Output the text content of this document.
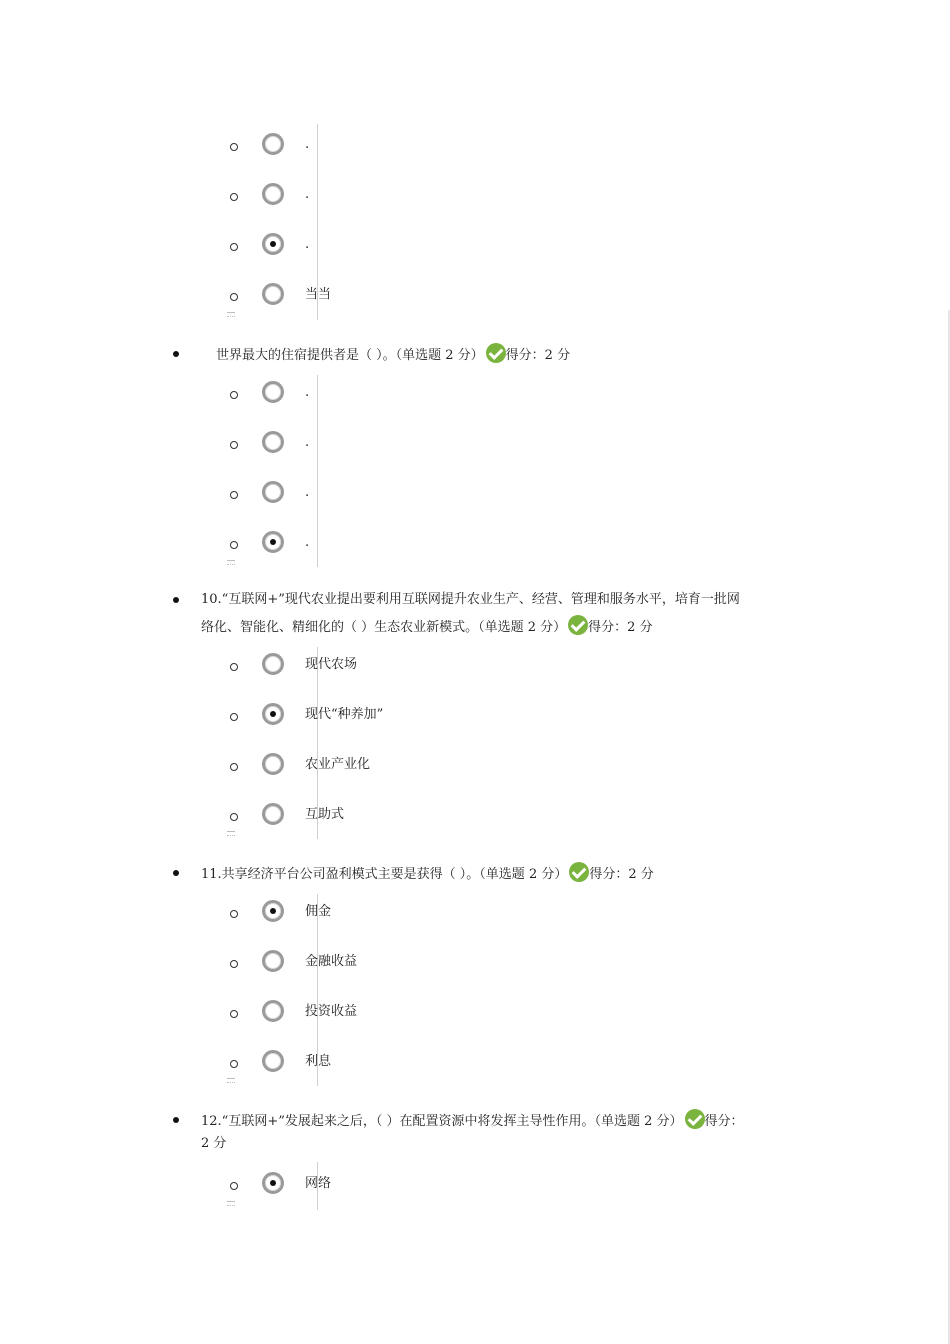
.
.
.
当当
世界最大的住宿提供者是（ ）。（单选题 2 分） 得分：2 分
.
.
.
.
10.“互联网+”现代农业提出要利用互联网提升农业生产、经营、管理和服务水平，培育一批网
络化、智能化、精细化的（ ）生态农业新模式。（单选题 2 分） 得分：2 分
现代农场
现代“种养加”
农业产业化
互助式
11.共享经济平台公司盈利模式主要是获得（ ）。（单选题 2 分） 得分：2 分
佣金
金融收益
投资收益
利息
12.“互联网+”发展起来之后，（ ）在配置资源中将发挥主导性作用。（单选题 2 分） 得分：
2 分
网络
